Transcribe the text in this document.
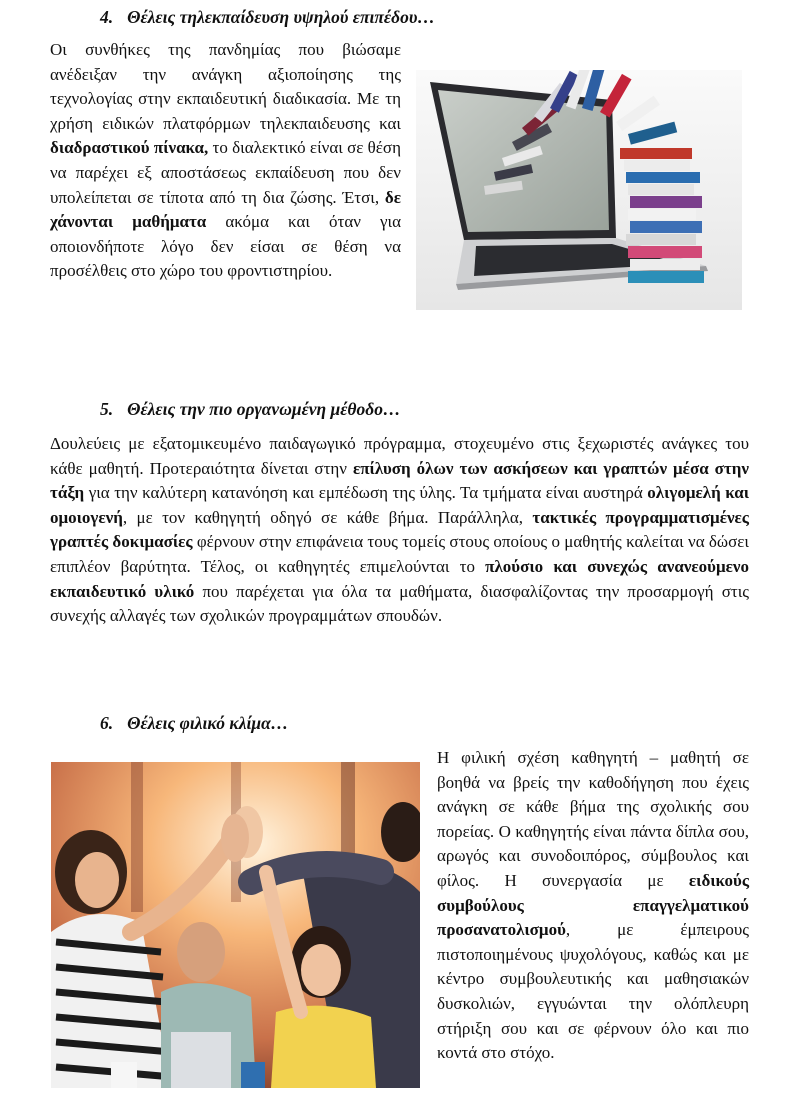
4. Θέλεις τηλεκπαίδευση υψηλού επιπέδου…

Οι συνθήκες της πανδημίας που βιώσαμε ανέδειξαν την ανάγκη αξιοποίησης της τεχνολογίας στην εκπαιδευτική διαδικασία. Με τη χρήση ειδικών πλατφόρμων τηλεκπαιδευσης και διαδραστικού πίνακα, το διαλεκτικό είναι σε θέση να παρέχει εξ αποστάσεως εκπαίδευση που δεν υπολείπεται σε τίποτα από τη δια ζώσης. Έτσι, δε χάνονται μαθήματα ακόμα και όταν για οποιονδήποτε λόγο δεν είσαι σε θέση να προσέλθεις στο χώρο του φροντιστηρίου.

5. Θέλεις την πιο οργανωμένη μέθοδο…

Δουλεύεις με εξατομικευμένο παιδαγωγικό πρόγραμμα, στοχευμένο στις ξεχωριστές ανάγκες του κάθε μαθητή. Προτεραιότητα δίνεται στην επίλυση όλων των ασκήσεων και γραπτών μέσα στην τάξη για την καλύτερη κατανόηση και εμπέδωση της ύλης. Τα τμήματα είναι αυστηρά ολιγομελή και ομοιογενή, με τον καθηγητή οδηγό σε κάθε βήμα. Παράλληλα, τακτικές προγραμματισμένες γραπτές δοκιμασίες φέρνουν στην επιφάνεια τους τομείς στους οποίους ο μαθητής καλείται να δώσει επιπλέον βαρύτητα. Τέλος, οι καθηγητές επιμελούνται το πλούσιο και συνεχώς ανανεούμενο εκπαιδευτικό υλικό που παρέχεται για όλα τα μαθήματα, διασφαλίζοντας την προσαρμογή στις συνεχής αλλαγές των σχολικών προγραμμάτων σπουδών.

6. Θέλεις φιλικό κλίμα…

Η φιλική σχέση καθηγητή – μαθητή σε βοηθά να βρείς την καθοδήγηση που έχεις ανάγκη σε κάθε βήμα της σχολικής σου πορείας. Ο καθηγητής είναι πάντα δίπλα σου, αρωγός και συνοδοιπόρος, σύμβουλος και φίλος. Η συνεργασία με ειδικούς συμβούλους επαγγελματικού προσανατολισμού, με έμπειρους πιστοποιημένους ψυχολόγους, καθώς και με κέντρο συμβουλευτικής και μαθησιακών δυσκολιών, εγγυώνται την ολόπλευρη στήριξη σου και σε φέρνουν όλο και πιο κοντά στο στόχο.
